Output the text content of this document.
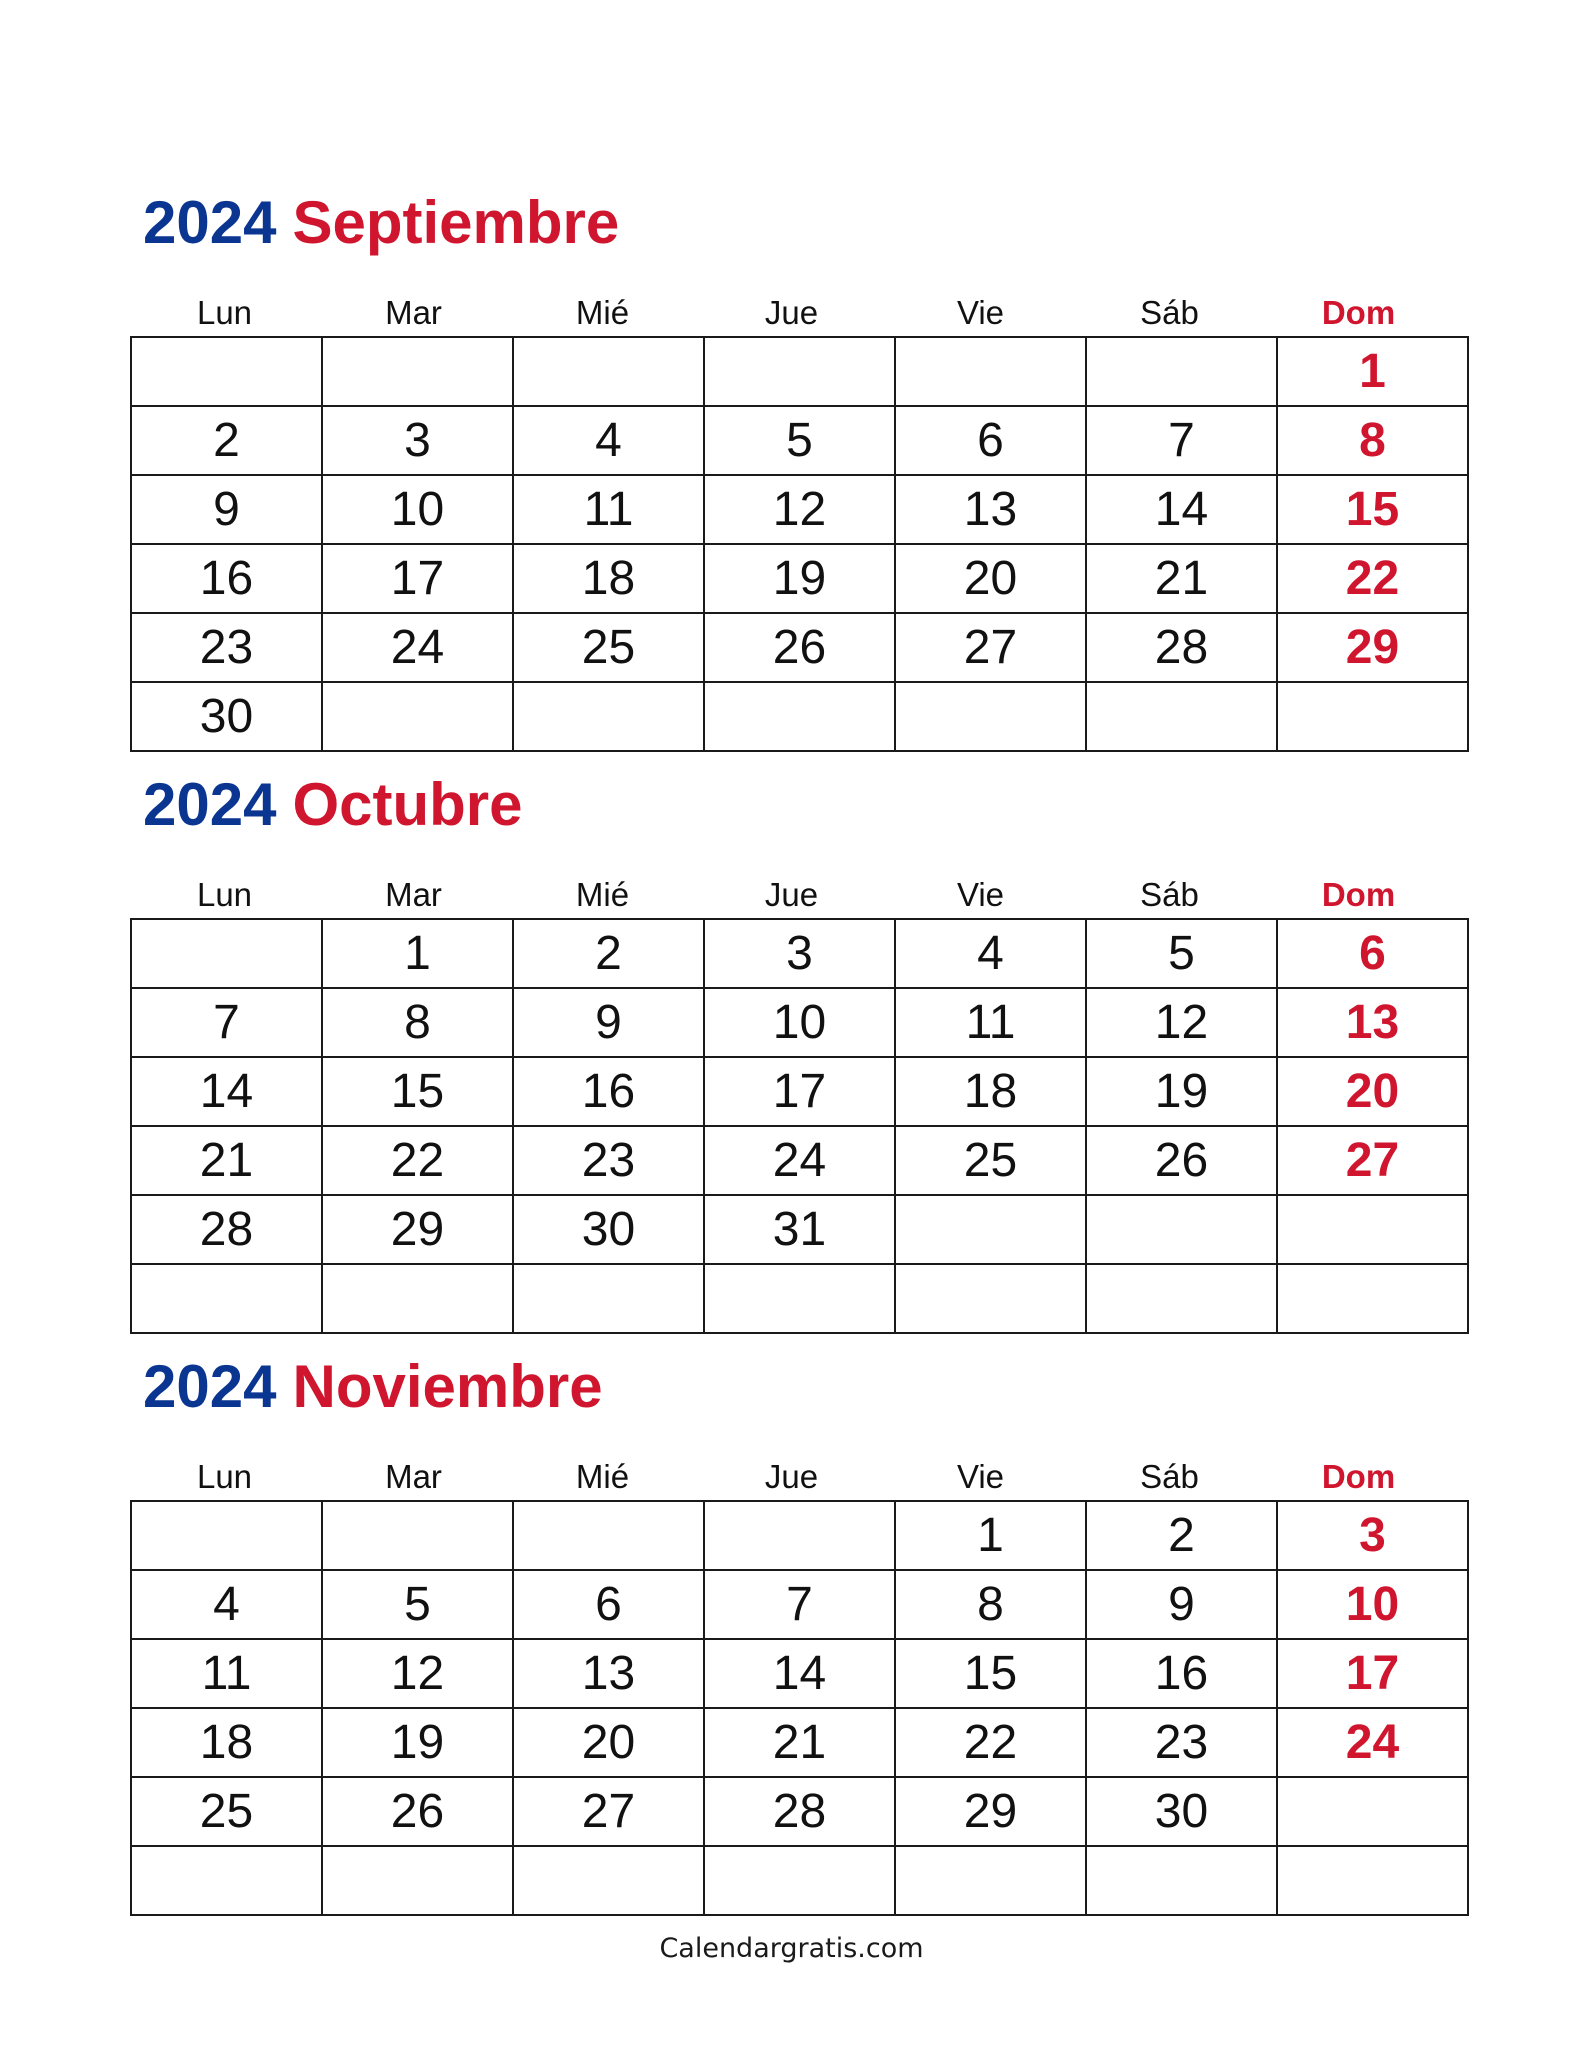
2024 Septiembre
Lun	Mar	Mié	Jue	Vie	Sáb	Dom
						1
2	3	4	5	6	7	8
9	10	11	12	13	14	15
16	17	18	19	20	21	22
23	24	25	26	27	28	29
30						
2024 Octubre
Lun	Mar	Mié	Jue	Vie	Sáb	Dom
	1	2	3	4	5	6
7	8	9	10	11	12	13
14	15	16	17	18	19	20
21	22	23	24	25	26	27
28	29	30	31			

2024 Noviembre
Lun	Mar	Mié	Jue	Vie	Sáb	Dom
				1	2	3
4	5	6	7	8	9	10
11	12	13	14	15	16	17
18	19	20	21	22	23	24
25	26	27	28	29	30	

Calendargratis.com
